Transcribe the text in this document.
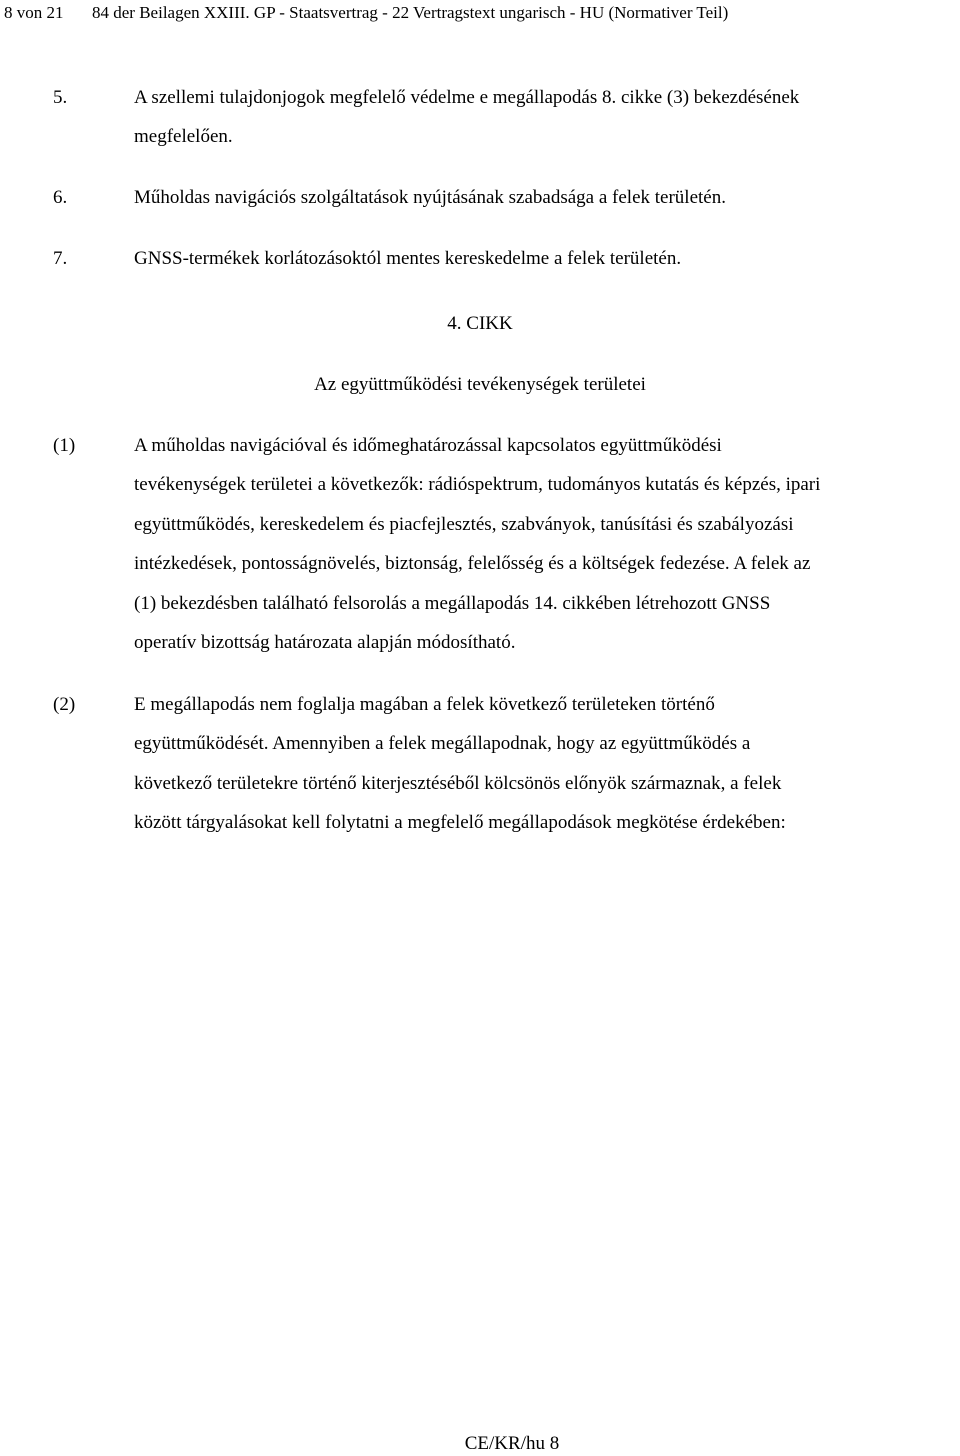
8 von 21 84 der Beilagen XXIII. GP - Staatsvertrag - 22 Vertragstext ungarisch - HU (Normativer Teil)
5.	A szellemi tulajdonjogok megfelelő védelme e megállapodás 8. cikke (3) bekezdésének
megfelelően.
6.	Műholdas navigációs szolgáltatások nyújtásának szabadsága a felek területén.
7.	GNSS-termékek korlátozásoktól mentes kereskedelme a felek területén.
4. CIKK
Az együttműködési tevékenységek területei
(1)	A műholdas navigációval és időmeghatározással kapcsolatos együttműködési
tevékenységek területei a következők: rádióspektrum, tudományos kutatás és képzés, ipari
együttműködés, kereskedelem és piacfejlesztés, szabványok, tanúsítási és szabályozási
intézkedések, pontosságnövelés, biztonság, felelősség és a költségek fedezése. A felek az
(1) bekezdésben található felsorolás a megállapodás 14. cikkében létrehozott GNSS
operatív bizottság határozata alapján módosítható.
(2)	E megállapodás nem foglalja magában a felek következő területeken történő
együttműködését. Amennyiben a felek megállapodnak, hogy az együttműködés a
következő területekre történő kiterjesztéséből kölcsönös előnyök származnak, a felek
között tárgyalásokat kell folytatni a megfelelő megállapodások megkötése érdekében:
CE/KR/hu 8
